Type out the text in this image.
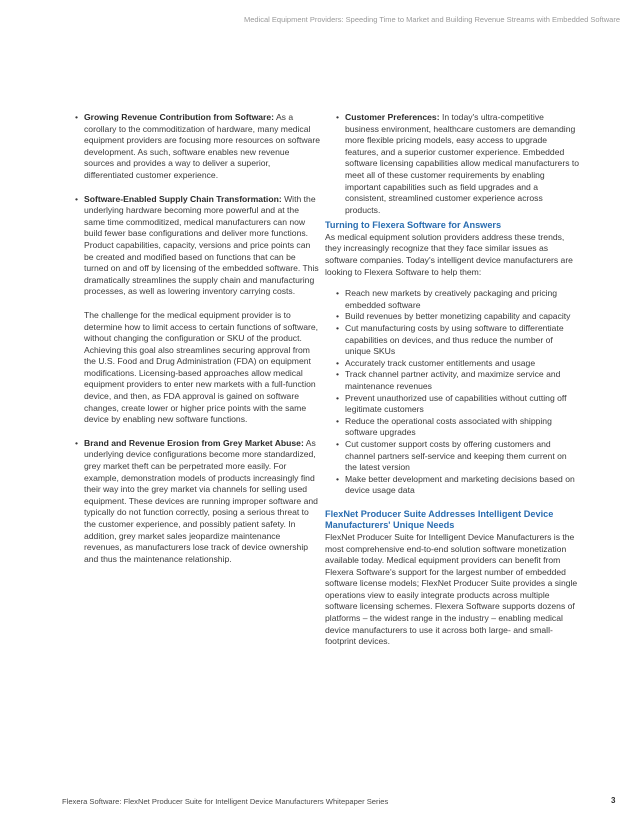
Medical Equipment Providers: Speeding Time to Market and Building Revenue Streams with Embedded Software
• Growing Revenue Contribution from Software: As a corollary to the commoditization of hardware, many medical equipment providers are focusing more resources on software development. As such, software enables new revenue sources and provides a way to deliver a superior, differentiated customer experience.
• Software-Enabled Supply Chain Transformation: With the underlying hardware becoming more powerful and at the same time commoditized, medical manufacturers can now build fewer base configurations and deliver more functions. Product capabilities, capacity, versions and price points can be created and modified based on functions that can be turned on and off by licensing of the embedded software. This dramatically streamlines the supply chain and manufacturing processes, as well as lowering inventory carrying costs.

The challenge for the medical equipment provider is to determine how to limit access to certain functions of software, without changing the configuration or SKU of the product. Achieving this goal also streamlines securing approval from the U.S. Food and Drug Administration (FDA) on equipment modifications. Licensing-based approaches allow medical equipment providers to enter new markets with a full-function device, and then, as FDA approval is gained on software changes, create lower or higher price points with the same device by enabling new software functions.

• Brand and Revenue Erosion from Grey Market Abuse: As underlying device configurations become more standardized, grey market theft can be perpetrated more easily. For example, demonstration models of products increasingly find their way into the grey market via channels for selling used equipment. These devices are running improper software and typically do not function correctly, posing a serious threat to the customer experience, and possibly patient safety. In addition, grey market sales jeopardize maintenance revenues, as manufacturers lose track of device ownership and thus the maintenance relationship.
• Customer Preferences: In today's ultra-competitive business environment, healthcare customers are demanding more flexible pricing models, easy access to upgrade features, and a superior customer experience. Embedded software licensing capabilities allow medical manufacturers to meet all of these customer requirements by enabling important capabilities such as field upgrades and a consistent, streamlined customer experience across products.
Turning to Flexera Software for Answers

As medical equipment solution providers address these trends, they increasingly recognize that they face similar issues as software companies. Today's intelligent device manufacturers are looking to Flexera Software to help them:

• Reach new markets by creatively packaging and pricing embedded software
• Build revenues by better monetizing capability and capacity
• Cut manufacturing costs by using software to differentiate capabilities on devices, and thus reduce the number of unique SKUs
• Accurately track customer entitlements and usage
• Track channel partner activity, and maximize service and maintenance revenues
• Prevent unauthorized use of capabilities without cutting off legitimate customers
• Reduce the operational costs associated with shipping software upgrades
• Cut customer support costs by offering customers and channel partners self-service and keeping them current on the latest version
• Make better development and marketing decisions based on device usage data
FlexNet Producer Suite Addresses Intelligent Device Manufacturers' Unique Needs

FlexNet Producer Suite for Intelligent Device Manufacturers is the most comprehensive end-to-end solution software monetization available today. Medical equipment providers can benefit from Flexera Software's support for the largest number of embedded software license models; FlexNet Producer Suite provides a single operations view to easily integrate products across multiple software licensing schemes. Flexera Software supports dozens of platforms – the widest range in the industry – enabling medical device manufacturers to use it across both large- and small-footprint devices.

Flexera Software: FlexNet Producer Suite for Intelligent Device Manufacturers Whitepaper Series	3
